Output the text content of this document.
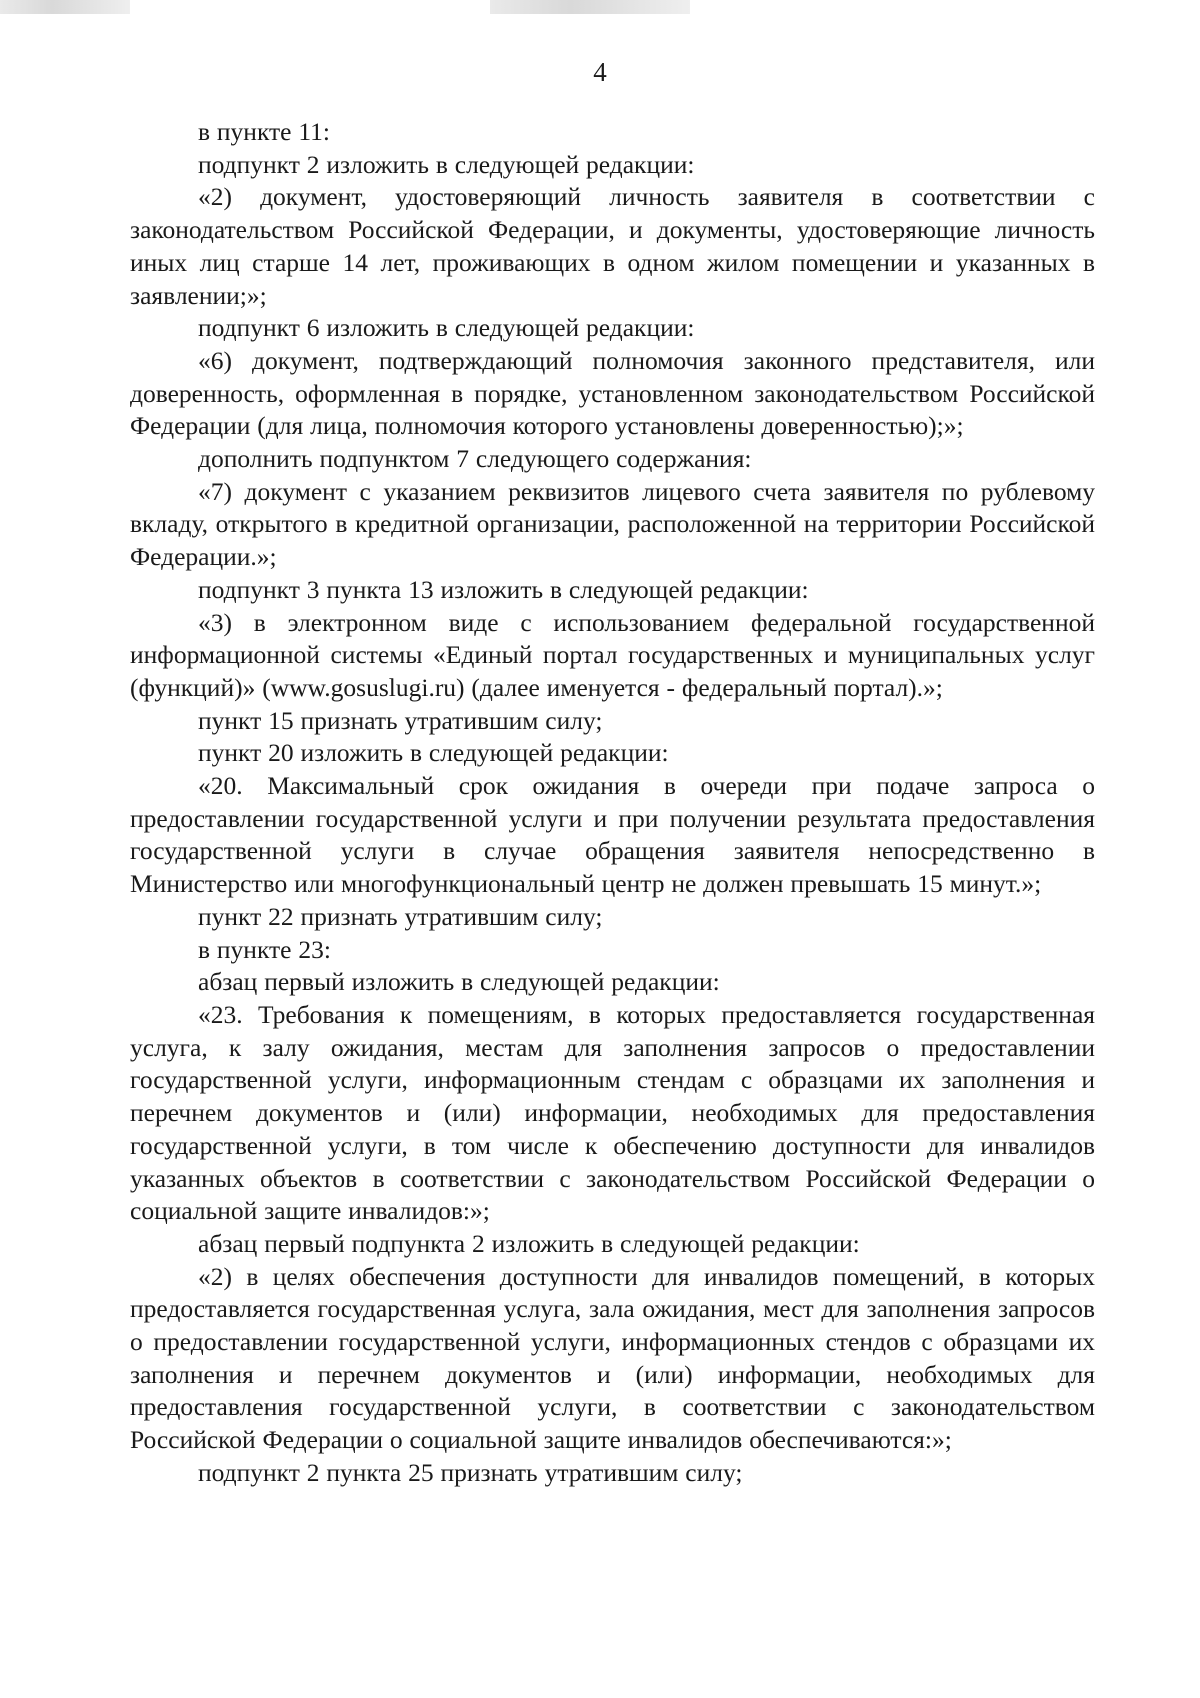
4

в пункте 11:

подпункт 2 изложить в следующей редакции:

«2) документ, удостоверяющий личность заявителя в соответствии с законодательством Российской Федерации, и документы, удостоверяющие личность иных лиц старше 14 лет, проживающих в одном жилом помещении и указанных в заявлении;»;

подпункт 6 изложить в следующей редакции:

«6) документ, подтверждающий полномочия законного представителя, или доверенность, оформленная в порядке, установленном законодательством Российской Федерации (для лица, полномочия которого установлены доверенностью);»;

дополнить подпунктом 7 следующего содержания:

«7) документ с указанием реквизитов лицевого счета заявителя по рублевому вкладу, открытого в кредитной организации, расположенной на территории Российской Федерации.»;

подпункт 3 пункта 13 изложить в следующей редакции:

«3) в электронном виде с использованием федеральной государственной информационной системы «Единый портал государственных и муниципальных услуг (функций)» (www.gosuslugi.ru) (далее именуется - федеральный портал).»;

пункт 15 признать утратившим силу;

пункт 20 изложить в следующей редакции:

«20. Максимальный срок ожидания в очереди при подаче запроса о предоставлении государственной услуги и при получении результата предоставления государственной услуги в случае обращения заявителя непосредственно в Министерство или многофункциональный центр не должен превышать 15 минут.»;

пункт 22 признать утратившим силу;

в пункте 23:

абзац первый изложить в следующей редакции:

«23. Требования к помещениям, в которых предоставляется государственная услуга, к залу ожидания, местам для заполнения запросов о предоставлении государственной услуги, информационным стендам с образцами их заполнения и перечнем документов и (или) информации, необходимых для предоставления государственной услуги, в том числе к обеспечению доступности для инвалидов указанных объектов в соответствии с законодательством Российской Федерации о социальной защите инвалидов:»;

абзац первый подпункта 2 изложить в следующей редакции:

«2) в целях обеспечения доступности для инвалидов помещений, в которых предоставляется государственная услуга, зала ожидания, мест для заполнения запросов о предоставлении государственной услуги, информационных стендов с образцами их заполнения и перечнем документов и (или) информации, необходимых для предоставления государственной услуги, в соответствии с законодательством Российской Федерации о социальной защите инвалидов обеспечиваются:»;

подпункт 2 пункта 25 признать утратившим силу;
